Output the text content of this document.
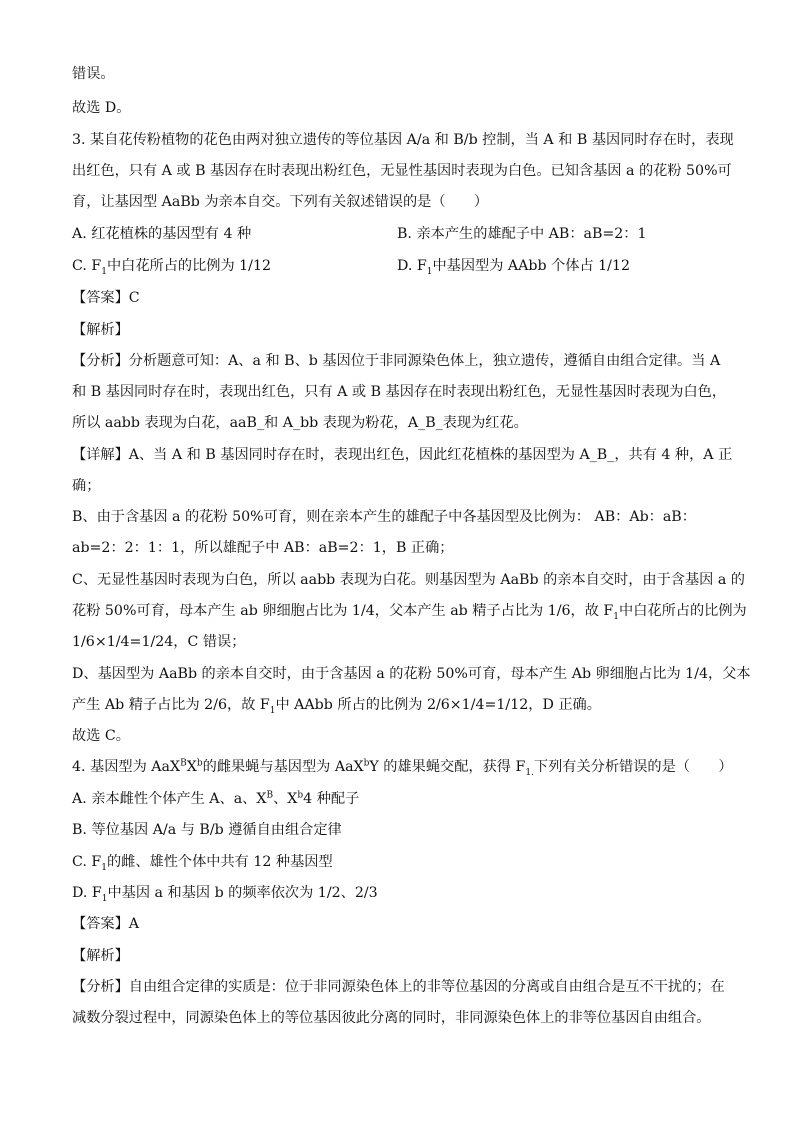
错误。
故选 D。
3. 某自花传粉植物的花色由两对独立遗传的等位基因 A/a 和 B/b 控制，当 A 和 B 基因同时存在时，表现
出红色，只有 A 或 B 基因存在时表现出粉红色，无显性基因时表现为白色。已知含基因 a 的花粉 50%可
育，让基因型 AaBb 为亲本自交。下列有关叙述错误的是（　　）
A. 红花植株的基因型有 4 种	B. 亲本产生的雄配子中 AB：aB=2：1
C. $F_1$中白花所占的比例为 1/12	D. $F_1$中基因型为 AAbb 个体占 1/12
【答案】C
【解析】
【分析】分析题意可知：A、a 和 B、b 基因位于非同源染色体上，独立遗传，遵循自由组合定律。当 A
和 B 基因同时存在时，表现出红色，只有 A 或 B 基因存在时表现出粉红色，无显性基因时表现为白色，
所以 aabb 表现为白花，aaB_和 A_bb 表现为粉花，A_B_表现为红花。
【详解】A、当 A 和 B 基因同时存在时，表现出红色，因此红花植株的基因型为 A_B_，共有 4 种，A 正
确；
B、由于含基因 a 的花粉 50%可育，则在亲本产生的雄配子中各基因型及比例为： AB：Ab：aB：
ab=2：2：1：1，所以雄配子中 AB：aB=2：1，B 正确；
C、无显性基因时表现为白色，所以 aabb 表现为白花。则基因型为 AaBb 的亲本自交时，由于含基因 a 的
花粉 50%可育，母本产生 ab 卵细胞占比为 1/4，父本产生 ab 精子占比为 1/6，故 $F_1$中白花所占的比例为
1/6×1/4=1/24，C 错误；
D、基因型为 AaBb 的亲本自交时，由于含基因 a 的花粉 50%可育，母本产生 Ab 卵细胞占比为 1/4，父本
产生 Ab 精子占比为 2/6，故 $F_1$中 AAbb 所占的比例为 2/6×1/4=1/12，D 正确。
故选 C。
4. 基因型为 $AaX^BX^b$的雌果蝇与基因型为 AaX$^b$Y 的雄果蝇交配，获得 $F_{1.}$下列有关分析错误的是（　　）
A. 亲本雌性个体产生 A、a、$X^B$、$X^b4$ 种配子
B. 等位基因 A/a 与 B/b 遵循自由组合定律
C. $F_1$的雌、雄性个体中共有 12 种基因型
D. $F_1$中基因 a 和基因 b 的频率依次为 1/2、2/3
【答案】A
【解析】
【分析】自由组合定律的实质是：位于非同源染色体上的非等位基因的分离或自由组合是互不干扰的；在
减数分裂过程中，同源染色体上的等位基因彼此分离的同时，非同源染色体上的非等位基因自由组合。
